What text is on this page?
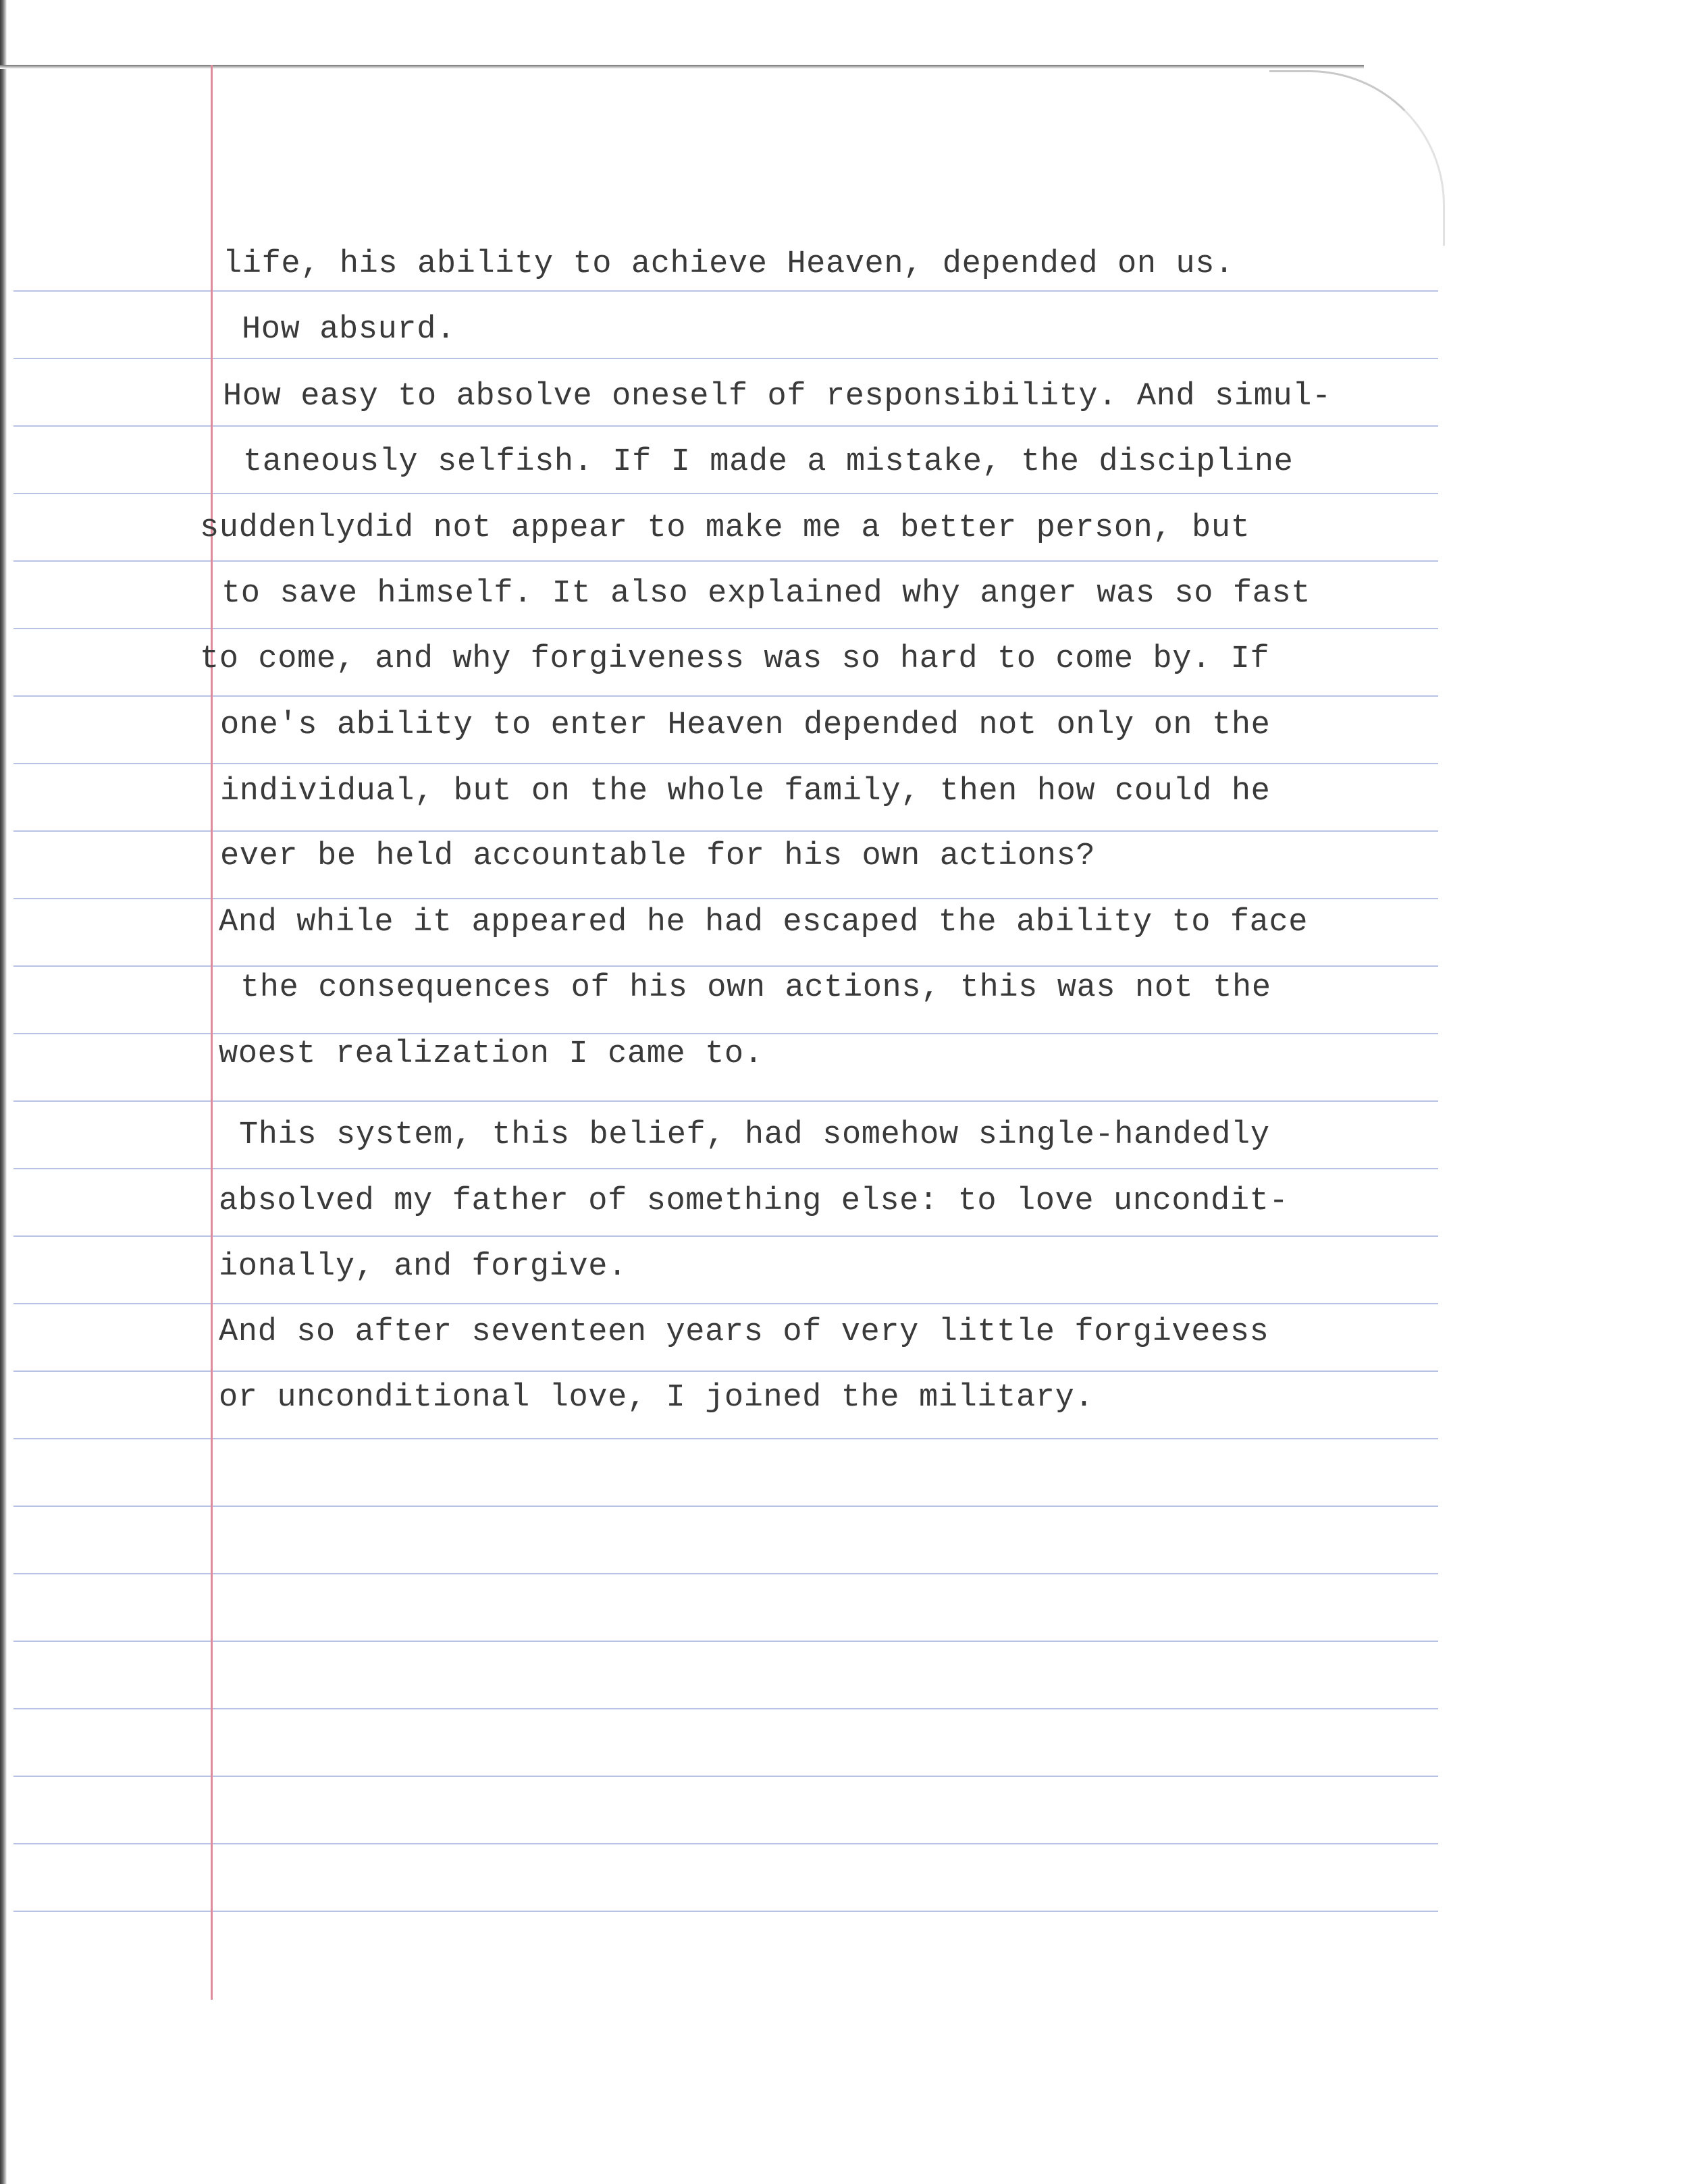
life, his ability to achieve Heaven, depended on us.
How absurd.
How easy to absolve oneself of responsibility. And simul-
taneously selfish. If I made a mistake, the discipline
suddenlydid not appear to make me a better person, but
to save himself. It also explained why anger was so fast
to come, and why forgiveness was so hard to come by. If
one's ability to enter Heaven depended not only on the
individual, but on the whole family, then how could he
ever be held accountable for his own actions?
And while it appeared he had escaped the ability to face
the consequences of his own actions, this was not the
woest realization I came to.
This system, this belief, had somehow single-handedly
absolved my father of something else: to love uncondit-
ionally, and forgive.
And so after seventeen years of very little forgiveess
or unconditional love, I joined the military.
